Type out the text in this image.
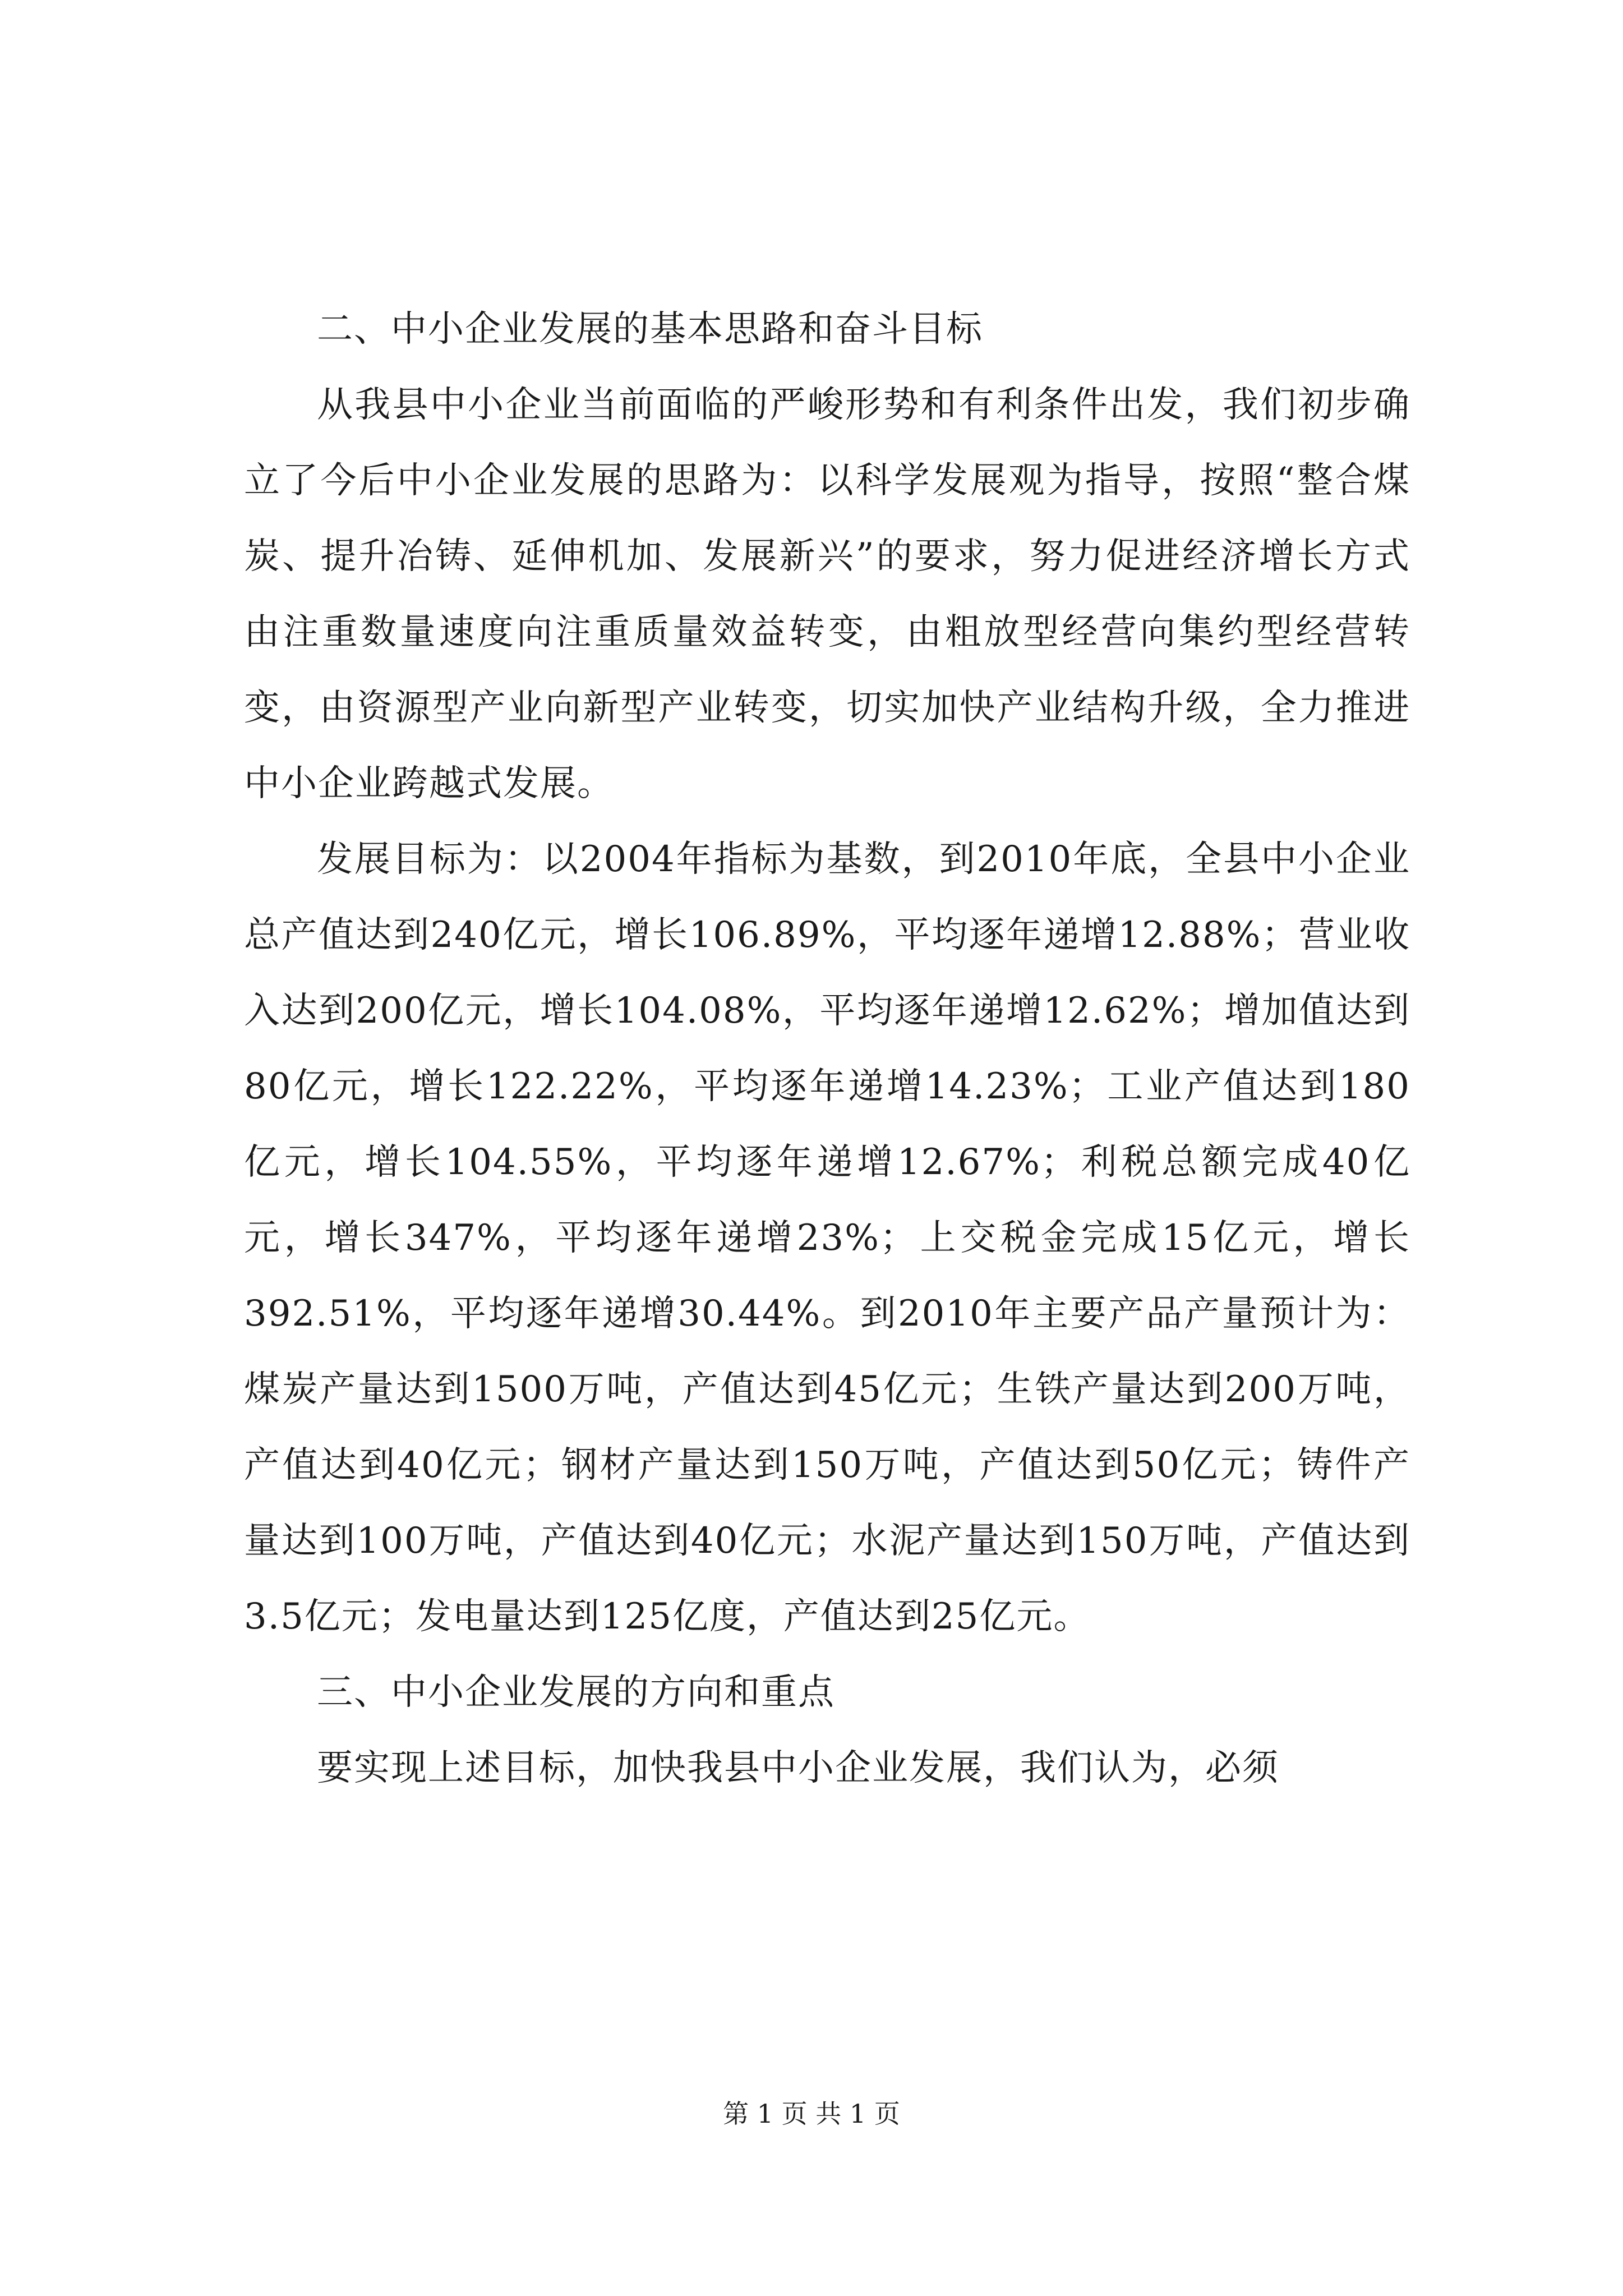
二、中小企业发展的基本思路和奋斗目标

从我县中小企业当前面临的严峻形势和有利条件出发，我们初步确立了今后中小企业发展的思路为：以科学发展观为指导，按照“整合煤炭、提升冶铸、延伸机加、发展新兴”的要求，努力促进经济增长方式由注重数量速度向注重质量效益转变，由粗放型经营向集约型经营转变，由资源型产业向新型产业转变，切实加快产业结构升级，全力推进中小企业跨越式发展。

发展目标为：以2004年指标为基数，到2010年底，全县中小企业总产值达到240亿元，增长106.89%，平均逐年递增12.88%；营业收入达到200亿元，增长104.08%，平均逐年递增12.62%；增加值达到80亿元，增长122.22%，平均逐年递增14.23%；工业产值达到180亿元，增长104.55%，平均逐年递增12.67%；利税总额完成40亿元，增长347%，平均逐年递增23%；上交税金完成15亿元，增长392.51%，平均逐年递增30.44%。到2010年主要产品产量预计为：煤炭产量达到1500万吨，产值达到45亿元；生铁产量达到200万吨，产值达到40亿元；钢材产量达到150万吨，产值达到50亿元；铸件产量达到100万吨，产值达到40亿元；水泥产量达到150万吨，产值达到3.5亿元；发电量达到125亿度，产值达到25亿元。

三、中小企业发展的方向和重点

要实现上述目标，加快我县中小企业发展，我们认为，必须

第 1 页 共 1 页
